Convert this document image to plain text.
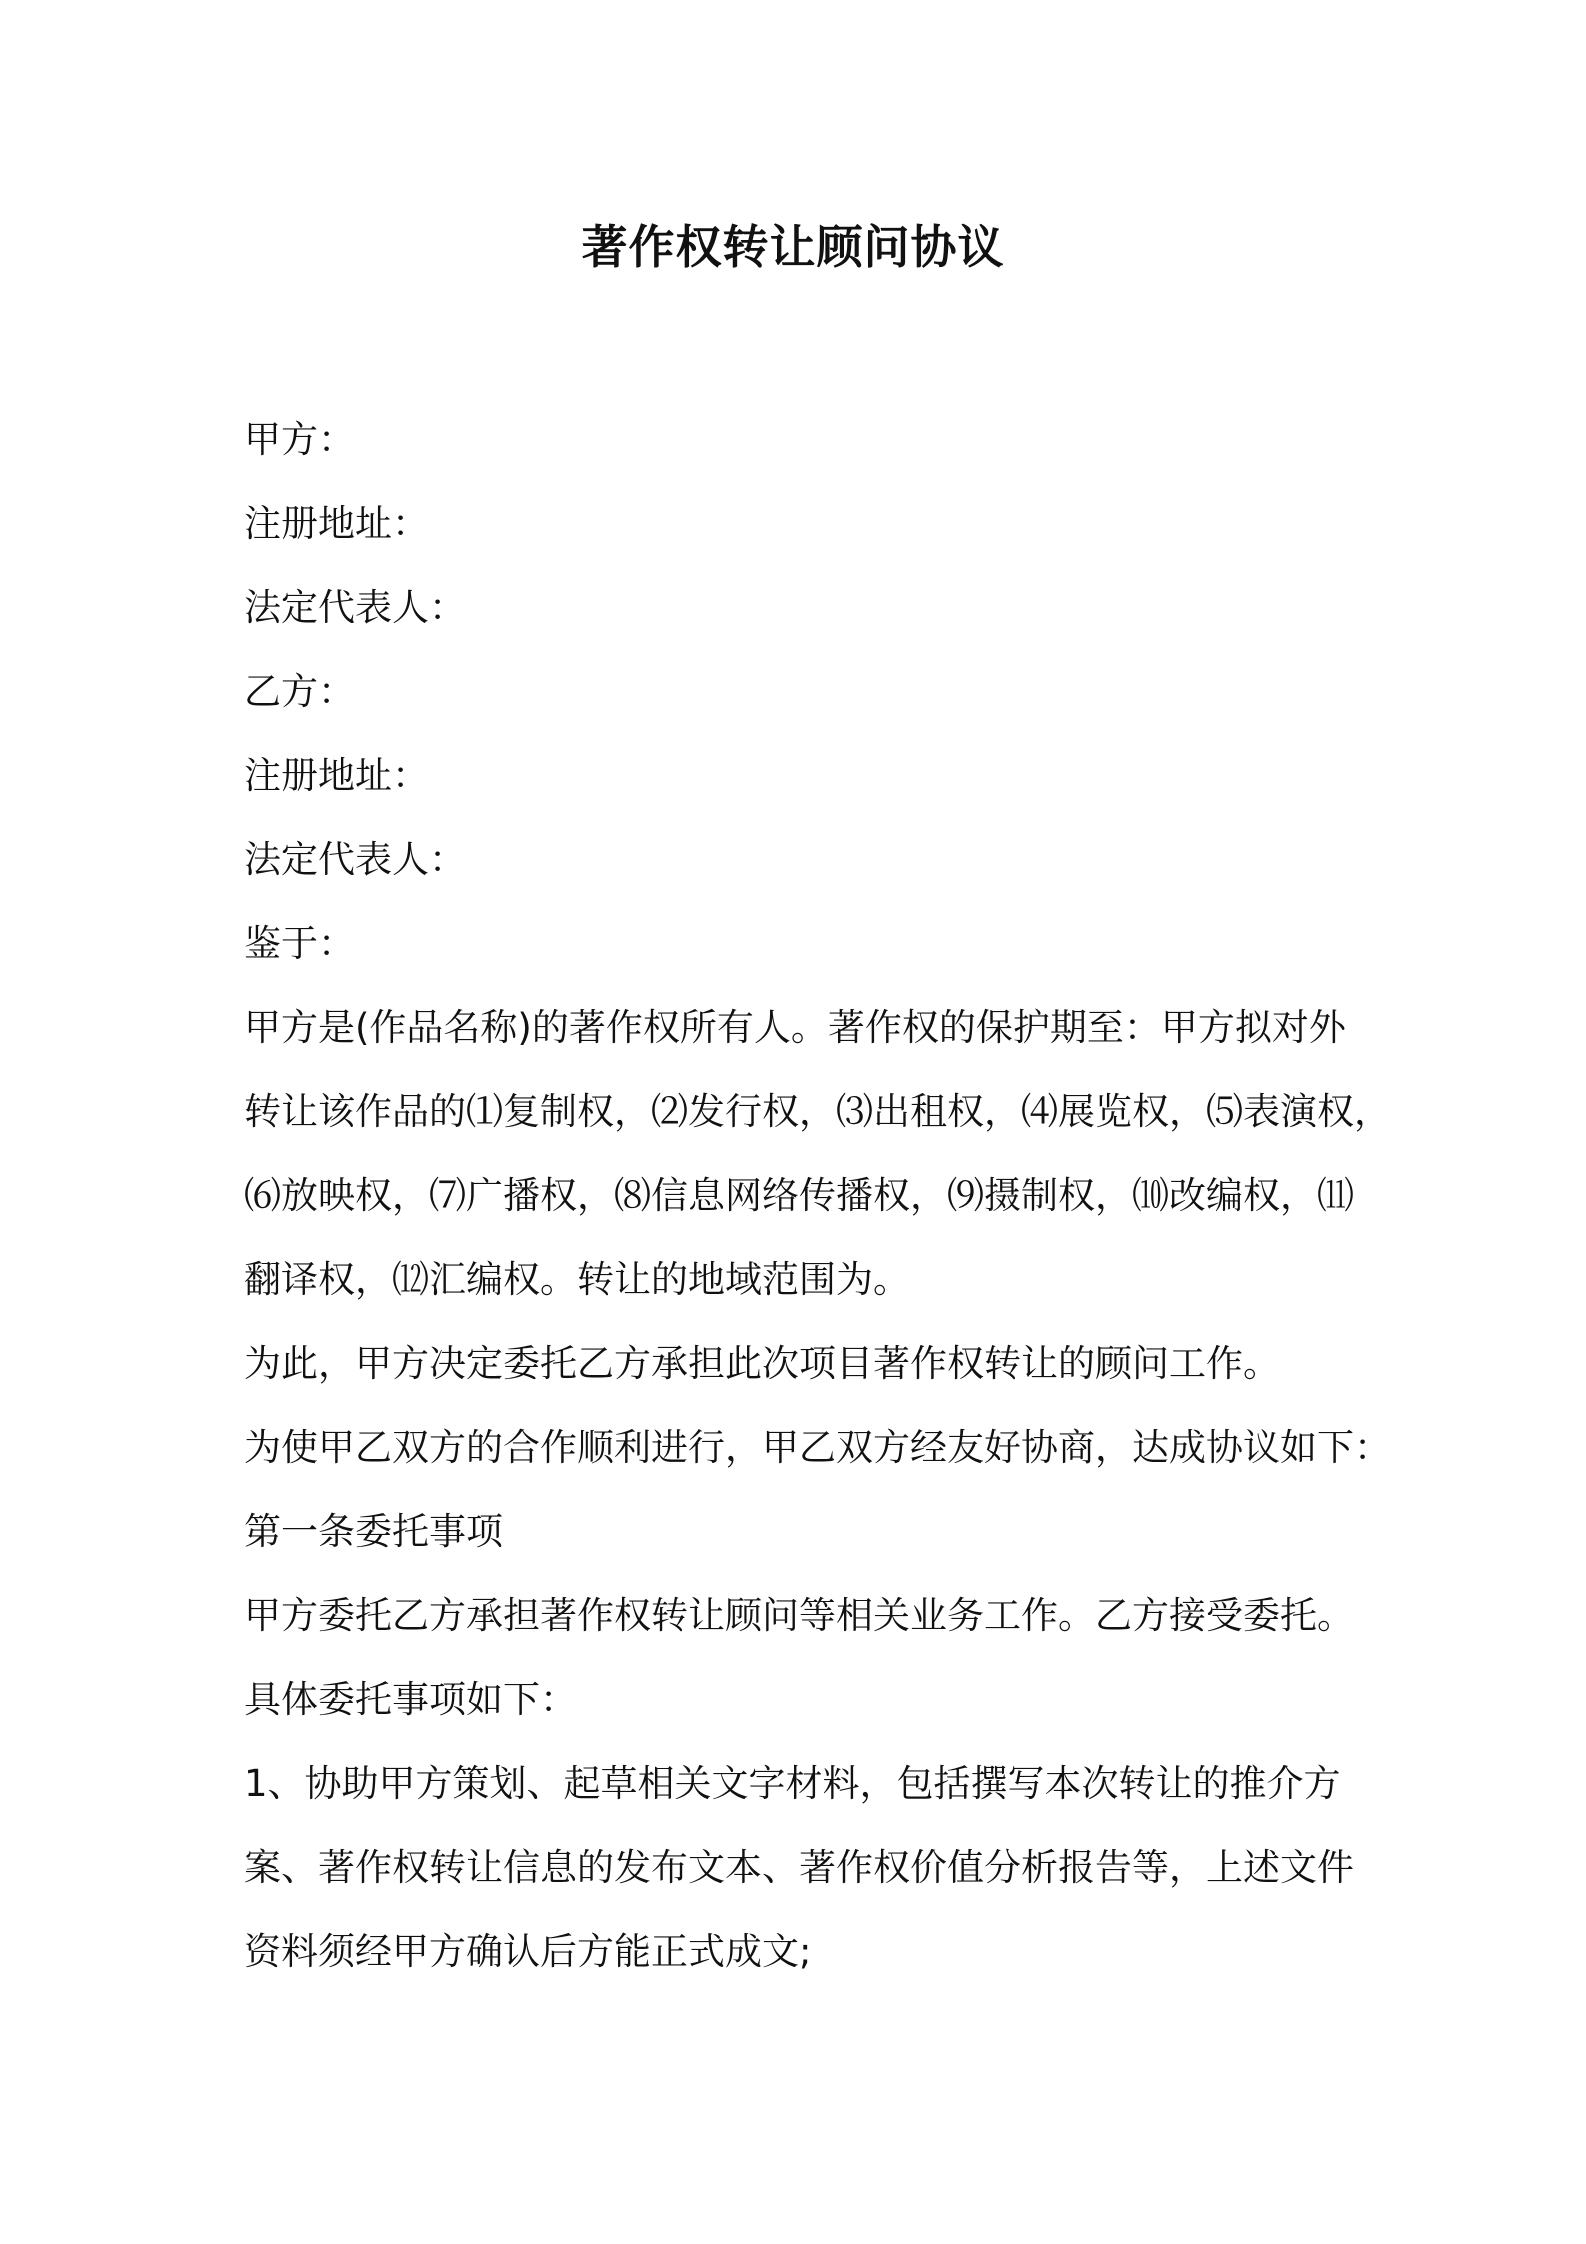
著作权转让顾问协议

甲方：

注册地址：

法定代表人：

乙方：

注册地址：

法定代表人：

鉴于：

甲方是(作品名称)的著作权所有人。著作权的保护期至：甲方拟对外

转让该作品的⑴复制权，⑵发行权，⑶出租权，⑷展览权，⑸表演权，

⑹放映权，⑺广播权，⑻信息网络传播权，⑼摄制权，⑽改编权，⑾

翻译权，⑿汇编权。转让的地域范围为。

为此，甲方决定委托乙方承担此次项目著作权转让的顾问工作。

为使甲乙双方的合作顺利进行，甲乙双方经友好协商，达成协议如下：

第一条委托事项

甲方委托乙方承担著作权转让顾问等相关业务工作。乙方接受委托。

具体委托事项如下：

1、协助甲方策划、起草相关文字材料，包括撰写本次转让的推介方

案、著作权转让信息的发布文本、著作权价值分析报告等，上述文件

资料须经甲方确认后方能正式成文;
